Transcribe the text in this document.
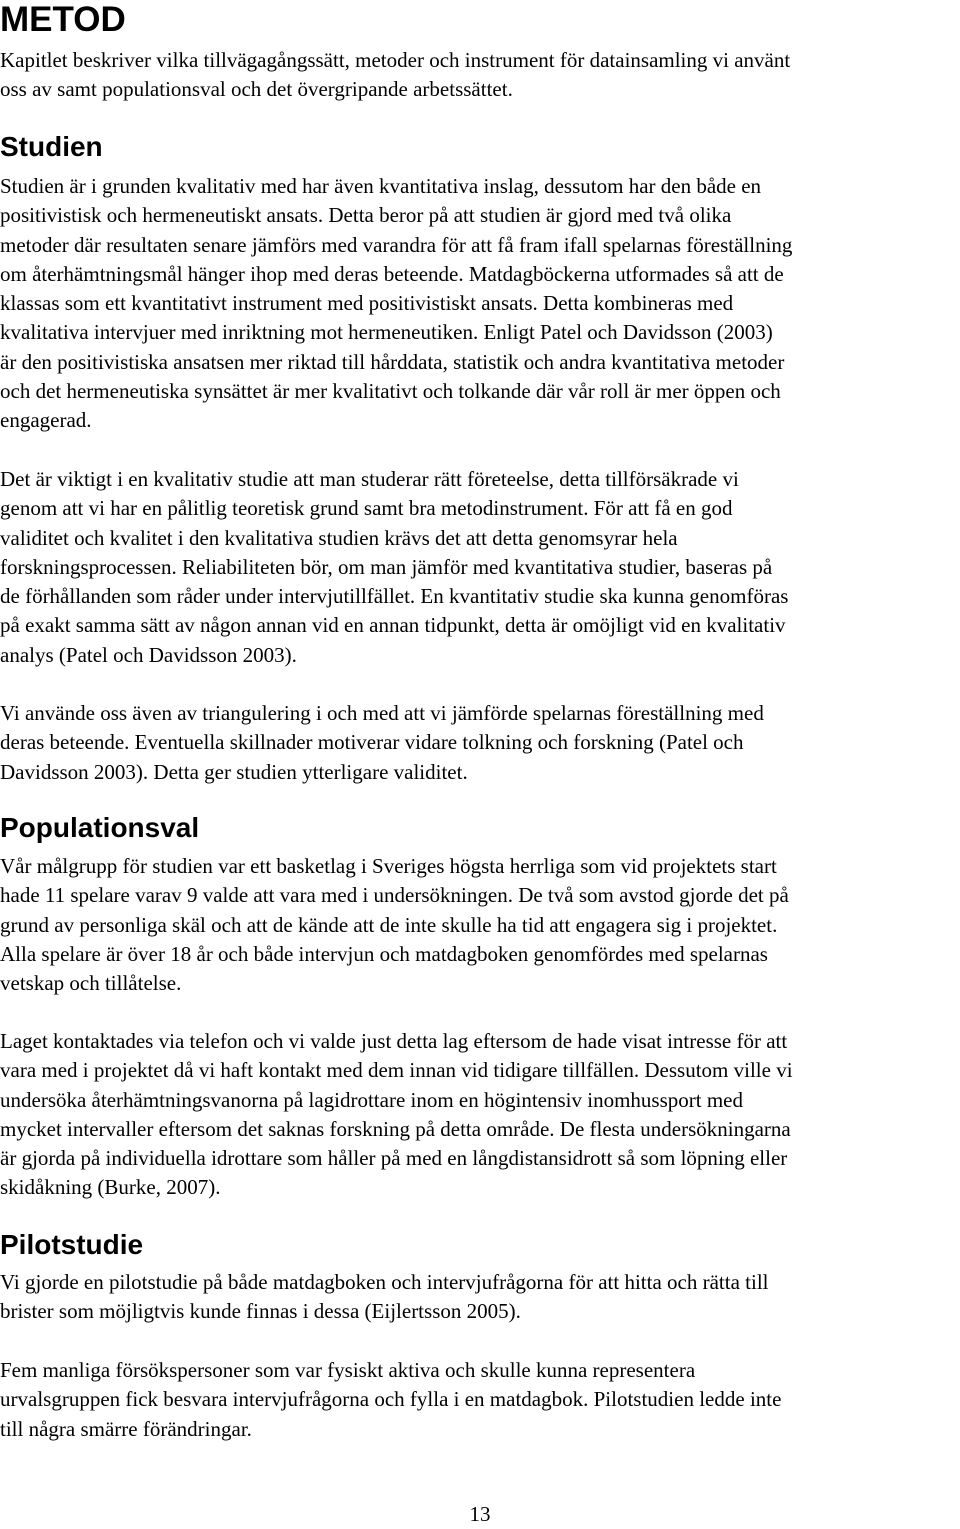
METOD
Kapitlet beskriver vilka tillvägagångssätt, metoder och instrument för datainsamling vi använt
oss av samt populationsval och det övergripande arbetssättet.
Studien
Studien är i grunden kvalitativ med har även kvantitativa inslag, dessutom har den både en
positivistisk och hermeneutiskt ansats. Detta beror på att studien är gjord med två olika
metoder där resultaten senare jämförs med varandra för att få fram ifall spelarnas föreställning
om återhämtningsmål hänger ihop med deras beteende. Matdagböckerna utformades så att de
klassas som ett kvantitativt instrument med positivistiskt ansats. Detta kombineras med
kvalitativa intervjuer med inriktning mot hermeneutiken. Enligt Patel och Davidsson (2003)
är den positivistiska ansatsen mer riktad till hårddata, statistik och andra kvantitativa metoder
och det hermeneutiska synsättet är mer kvalitativt och tolkande där vår roll är mer öppen och
engagerad.
Det är viktigt i en kvalitativ studie att man studerar rätt företeelse, detta tillförsäkrade vi
genom att vi har en pålitlig teoretisk grund samt bra metodinstrument. För att få en god
validitet och kvalitet i den kvalitativa studien krävs det att detta genomsyrar hela
forskningsprocessen. Reliabiliteten bör, om man jämför med kvantitativa studier, baseras på
de förhållanden som råder under intervjutillfället. En kvantitativ studie ska kunna genomföras
på exakt samma sätt av någon annan vid en annan tidpunkt, detta är omöjligt vid en kvalitativ
analys (Patel och Davidsson 2003).
Vi använde oss även av triangulering i och med att vi jämförde spelarnas föreställning med
deras beteende. Eventuella skillnader motiverar vidare tolkning och forskning (Patel och
Davidsson 2003). Detta ger studien ytterligare validitet.
Populationsval
Vår målgrupp för studien var ett basketlag i Sveriges högsta herrliga som vid projektets start
hade 11 spelare varav 9 valde att vara med i undersökningen. De två som avstod gjorde det på
grund av personliga skäl och att de kände att de inte skulle ha tid att engagera sig i projektet.
Alla spelare är över 18 år och både intervjun och matdagboken genomfördes med spelarnas
vetskap och tillåtelse.
Laget kontaktades via telefon och vi valde just detta lag eftersom de hade visat intresse för att
vara med i projektet då vi haft kontakt med dem innan vid tidigare tillfällen. Dessutom ville vi
undersöka återhämtningsvanorna på lagidrottare inom en högintensiv inomhussport med
mycket intervaller eftersom det saknas forskning på detta område. De flesta undersökningarna
är gjorda på individuella idrottare som håller på med en långdistansidrott så som löpning eller
skidåkning (Burke, 2007).
Pilotstudie
Vi gjorde en pilotstudie på både matdagboken och intervjufrågorna för att hitta och rätta till
brister som möjligtvis kunde finnas i dessa (Eijlertsson 2005).
Fem manliga försökspersoner som var fysiskt aktiva och skulle kunna representera
urvalsgruppen fick besvara intervjufrågorna och fylla i en matdagbok. Pilotstudien ledde inte
till några smärre förändringar.
13
